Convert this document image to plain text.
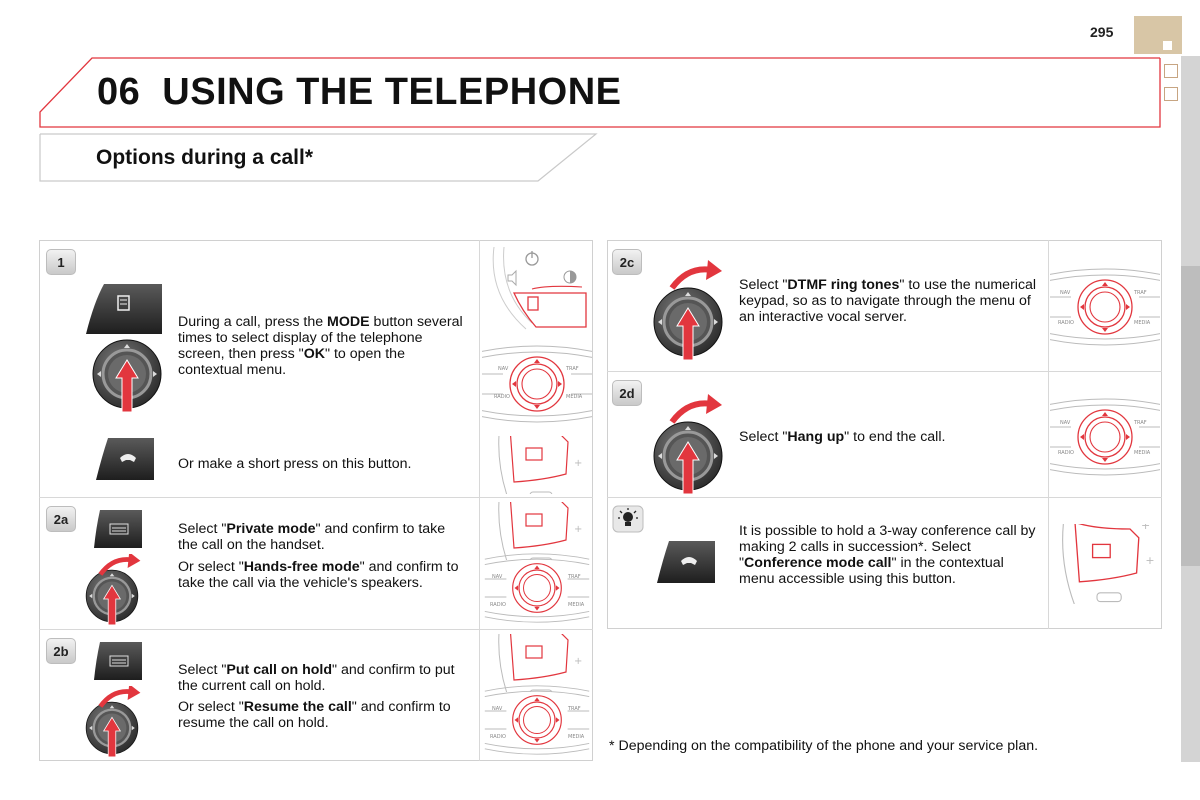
295
06 USING THE TELEPHONE
Options during a call*
1
During a call, press the MODE button several times to select display of the telephone screen, then press "OK" to open the contextual menu.
Or make a short press on this button.
NAV	TRAF
RADIO	MEDIA
2a
Select "Private mode" and confirm to take the call on the handset.
Or select "Hands-free mode" and confirm to take the call via the vehicle's speakers.	NAV	TRAF
RADIO	MEDIA
2b
Select "Put call on hold" and confirm to put the current call on hold.
Or select "Resume the call" and confirm to resume the call on hold.
NAV	TRAF
RADIO	MEDIA
2c
Select "DTMF ring tones" to use the numerical keypad, so as to navigate through the menu of an interactive vocal server.
NAV	TRAF
RADIO	MEDIA
2d
Select "Hang up" to end the call.
NAV	TRAF
RADIO	MEDIA
It is possible to hold a 3-way conference call by making 2 calls in succession*. Select "Conference mode call" in the contextual menu accessible using this button.
* Depending on the compatibility of the phone and your service plan.
